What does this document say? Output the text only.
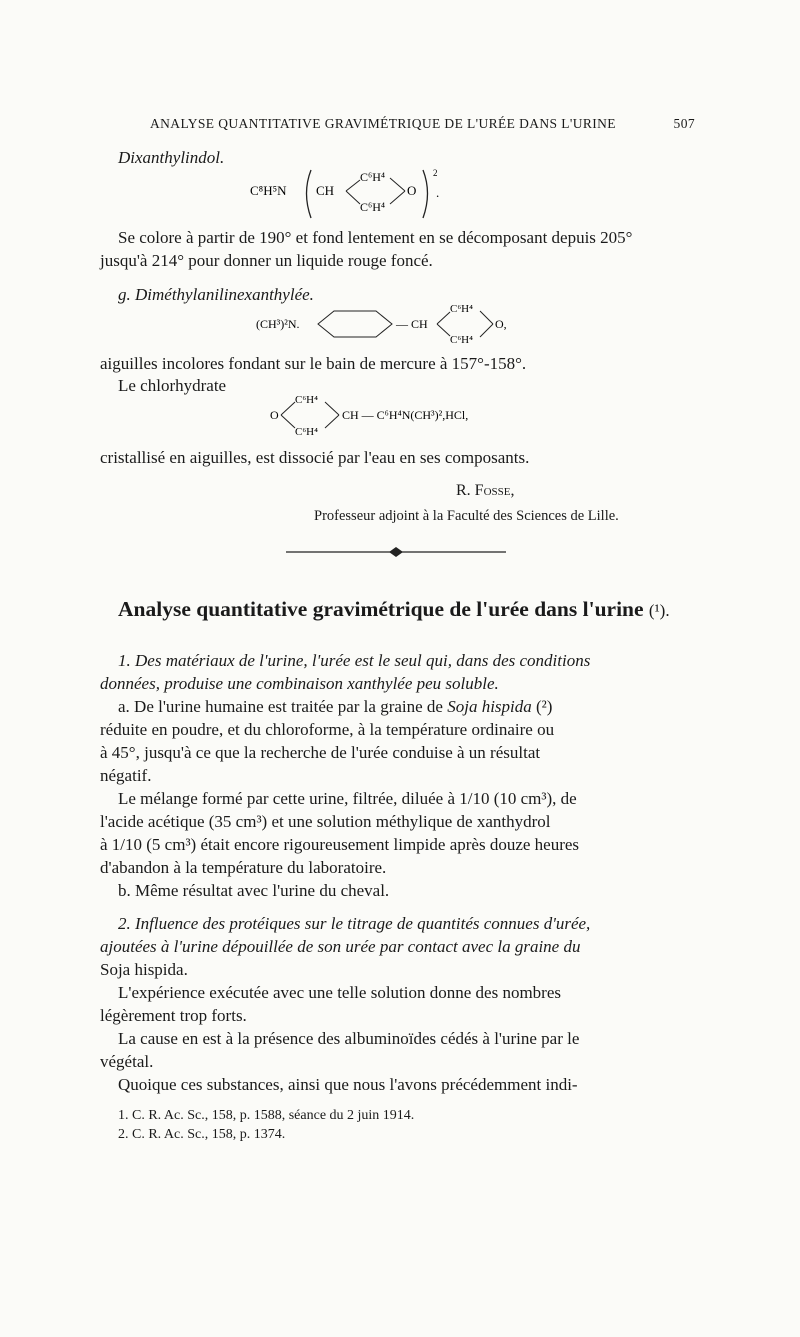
ANALYSE QUANTITATIVE GRAVIMÉTRIQUE DE L'URÉE DANS L'URINE	507

Dixanthylindol.

C⁸H⁵N CH
C⁶H⁴
C⁶H⁴
O
2
.

Se colore à partir de 190° et fond lentement en se décomposant depuis 205°

jusqu'à 214° pour donner un liquide rouge foncé.

g. Diméthylanilinexanthylée.

(CH³)²N.	— CH
C⁶H⁴
C⁶H⁴
O,

aiguilles incolores fondant sur le bain de mercure à 157°-158°.

Le chlorhydrate

O
C⁶H⁴
C⁶H⁴
CH — C⁶H⁴N(CH³)²,HCl,

cristallisé en aiguilles, est dissocié par l'eau en ses composants.

R. Fosse,

Professeur adjoint à la Faculté des Sciences de Lille.

Analyse quantitative gravimétrique de l'urée dans l'urine (¹).

1. Des matériaux de l'urine, l'urée est le seul qui, dans des conditions

données, produise une combinaison xanthylée peu soluble.

a. De l'urine humaine est traitée par la graine de Soja hispida (²)

réduite en poudre, et du chloroforme, à la température ordinaire ou

à 45°, jusqu'à ce que la recherche de l'urée conduise à un résultat

négatif.

Le mélange formé par cette urine, filtrée, diluée à 1/10 (10 cm³), de

l'acide acétique (35 cm³) et une solution méthylique de xanthydrol

à 1/10 (5 cm³) était encore rigoureusement limpide après douze heures

d'abandon à la température du laboratoire.

b. Même résultat avec l'urine du cheval.

2. Influence des protéiques sur le titrage de quantités connues d'urée,

ajoutées à l'urine dépouillée de son urée par contact avec la graine du

Soja hispida.

L'expérience exécutée avec une telle solution donne des nombres

légèrement trop forts.

La cause en est à la présence des albuminoïdes cédés à l'urine par le

végétal.

Quoique ces substances, ainsi que nous l'avons précédemment indi-

1. C. R. Ac. Sc., 158, p. 1588, séance du 2 juin 1914.

2. C. R. Ac. Sc., 158, p. 1374.
